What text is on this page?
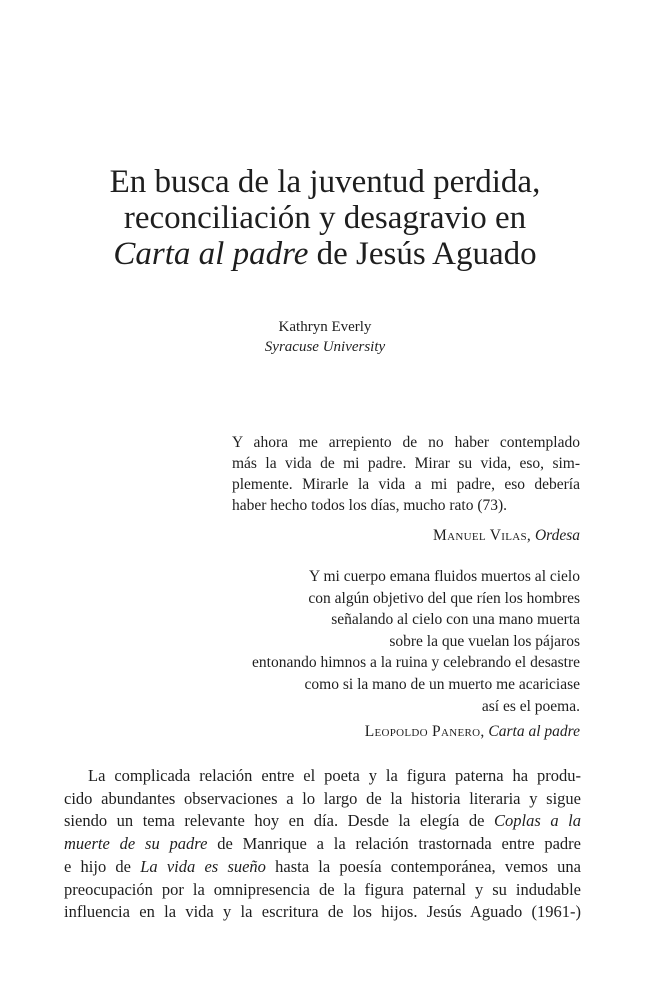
En busca de la juventud perdida,
reconciliación y desagravio en
Carta al padre de Jesús Aguado
Kathryn Everly
Syracuse University
Y ahora me arrepiento de no haber contemplado
más la vida de mi padre. Mirar su vida, eso, sim-
plemente. Mirarle la vida a mi padre, eso debería
haber hecho todos los días, mucho rato (73).
Manuel Vilas, Ordesa
Y mi cuerpo emana fluidos muertos al cielo
con algún objetivo del que ríen los hombres
señalando al cielo con una mano muerta
sobre la que vuelan los pájaros
entonando himnos a la ruina y celebrando el desastre
como si la mano de un muerto me acariciase
así es el poema.
Leopoldo Panero, Carta al padre
La complicada relación entre el poeta y la figura paterna ha produ-
cido abundantes observaciones a lo largo de la historia literaria y sigue
siendo un tema relevante hoy en día. Desde la elegía de Coplas a la
muerte de su padre de Manrique a la relación trastornada entre padre
e hijo de La vida es sueño hasta la poesía contemporánea, vemos una
preocupación por la omnipresencia de la figura paternal y su indudable
influencia en la vida y la escritura de los hijos. Jesús Aguado (1961-)
